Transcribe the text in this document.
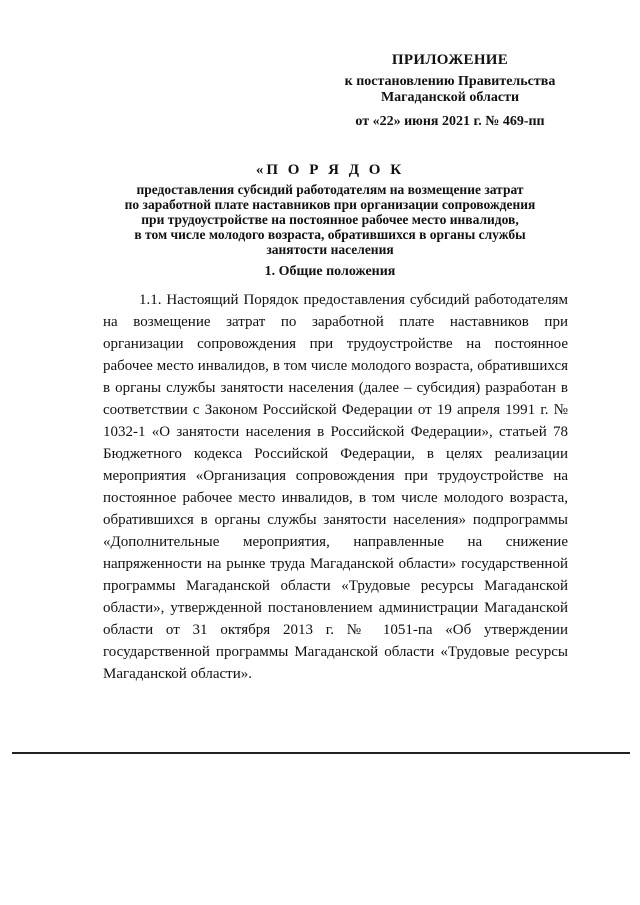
ПРИЛОЖЕНИЕ
к постановлению Правительства
Магаданской области
от «22» июня 2021 г. № 469-пп
«П О Р Я Д О К
предоставления субсидий работодателям на возмещение затрат
по заработной плате наставников при организации сопровождения
при трудоустройстве на постоянное рабочее место инвалидов,
в том числе молодого возраста, обратившихся в органы службы
занятости населения
1. Общие положения

1.1. Настоящий Порядок предоставления субсидий работодателям на возмещение затрат по заработной плате наставников при организации сопровождения при трудоустройстве на постоянное рабочее место инвалидов, в том числе молодого возраста, обратившихся в органы службы занятости населения (далее – субсидия) разработан в соответствии с Законом Российской Федерации от 19 апреля 1991 г. № 1032-1 «О занятости населения в Российской Федерации», статьей 78 Бюджетного кодекса Российской Федерации, в целях реализации мероприятия «Организация сопровождения при трудоустройстве на постоянное рабочее место инвалидов, в том числе молодого возраста, обратившихся в органы службы занятости населения» подпрограммы «Дополнительные мероприятия, направленные на снижение напряженности на рынке труда Магаданской области» государственной программы Магаданской области «Трудовые ресурсы Магаданской области», утвержденной постановлением администрации Магаданской области от 31 октября 2013 г. № 1051-па «Об утверждении государственной программы Магаданской области «Трудовые ресурсы Магаданской области».
